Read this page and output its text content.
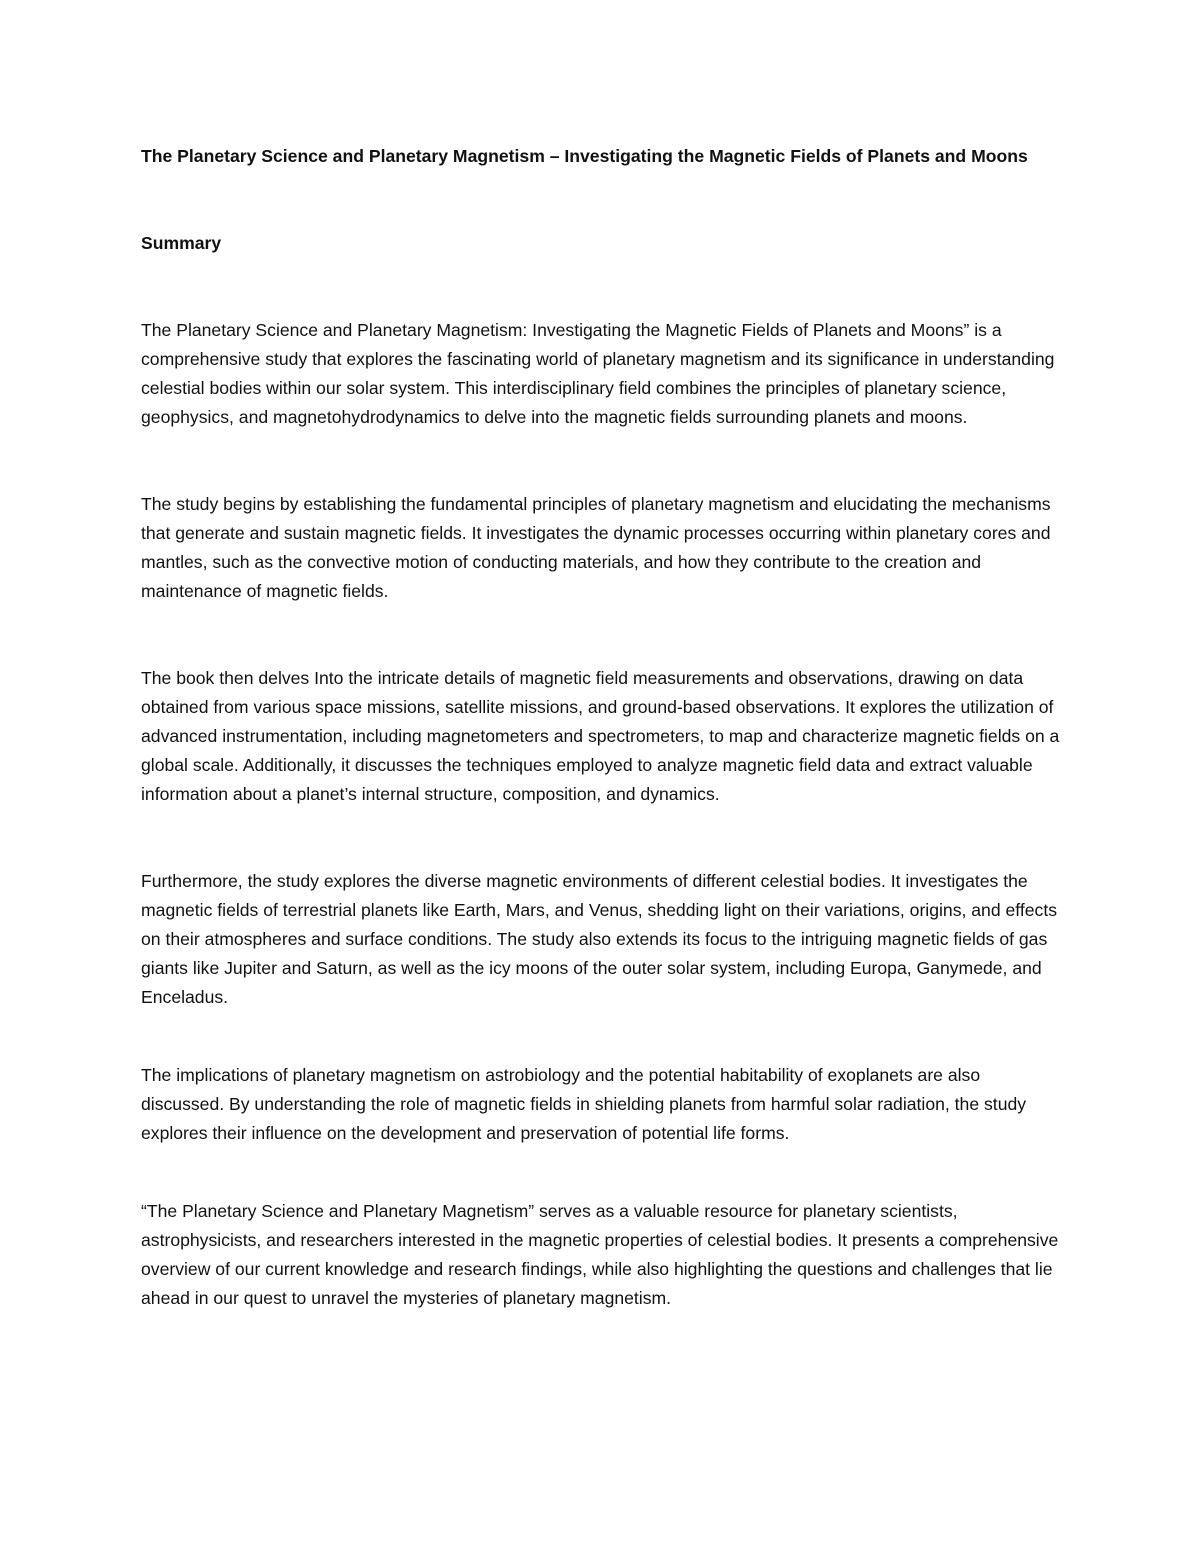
The Planetary Science and Planetary Magnetism – Investigating the Magnetic Fields of Planets and Moons

Summary

The Planetary Science and Planetary Magnetism: Investigating the Magnetic Fields of Planets and Moons” is a comprehensive study that explores the fascinating world of planetary magnetism and its significance in understanding celestial bodies within our solar system. This interdisciplinary field combines the principles of planetary science, geophysics, and magnetohydrodynamics to delve into the magnetic fields surrounding planets and moons.

The study begins by establishing the fundamental principles of planetary magnetism and elucidating the mechanisms that generate and sustain magnetic fields. It investigates the dynamic processes occurring within planetary cores and mantles, such as the convective motion of conducting materials, and how they contribute to the creation and maintenance of magnetic fields.

The book then delves Into the intricate details of magnetic field measurements and observations, drawing on data obtained from various space missions, satellite missions, and ground-based observations. It explores the utilization of advanced instrumentation, including magnetometers and spectrometers, to map and characterize magnetic fields on a global scale. Additionally, it discusses the techniques employed to analyze magnetic field data and extract valuable information about a planet’s internal structure, composition, and dynamics.

Furthermore, the study explores the diverse magnetic environments of different celestial bodies. It investigates the magnetic fields of terrestrial planets like Earth, Mars, and Venus, shedding light on their variations, origins, and effects on their atmospheres and surface conditions. The study also extends its focus to the intriguing magnetic fields of gas giants like Jupiter and Saturn, as well as the icy moons of the outer solar system, including Europa, Ganymede, and Enceladus.

The implications of planetary magnetism on astrobiology and the potential habitability of exoplanets are also discussed. By understanding the role of magnetic fields in shielding planets from harmful solar radiation, the study explores their influence on the development and preservation of potential life forms.

“The Planetary Science and Planetary Magnetism” serves as a valuable resource for planetary scientists, astrophysicists, and researchers interested in the magnetic properties of celestial bodies. It presents a comprehensive overview of our current knowledge and research findings, while also highlighting the questions and challenges that lie ahead in our quest to unravel the mysteries of planetary magnetism.
